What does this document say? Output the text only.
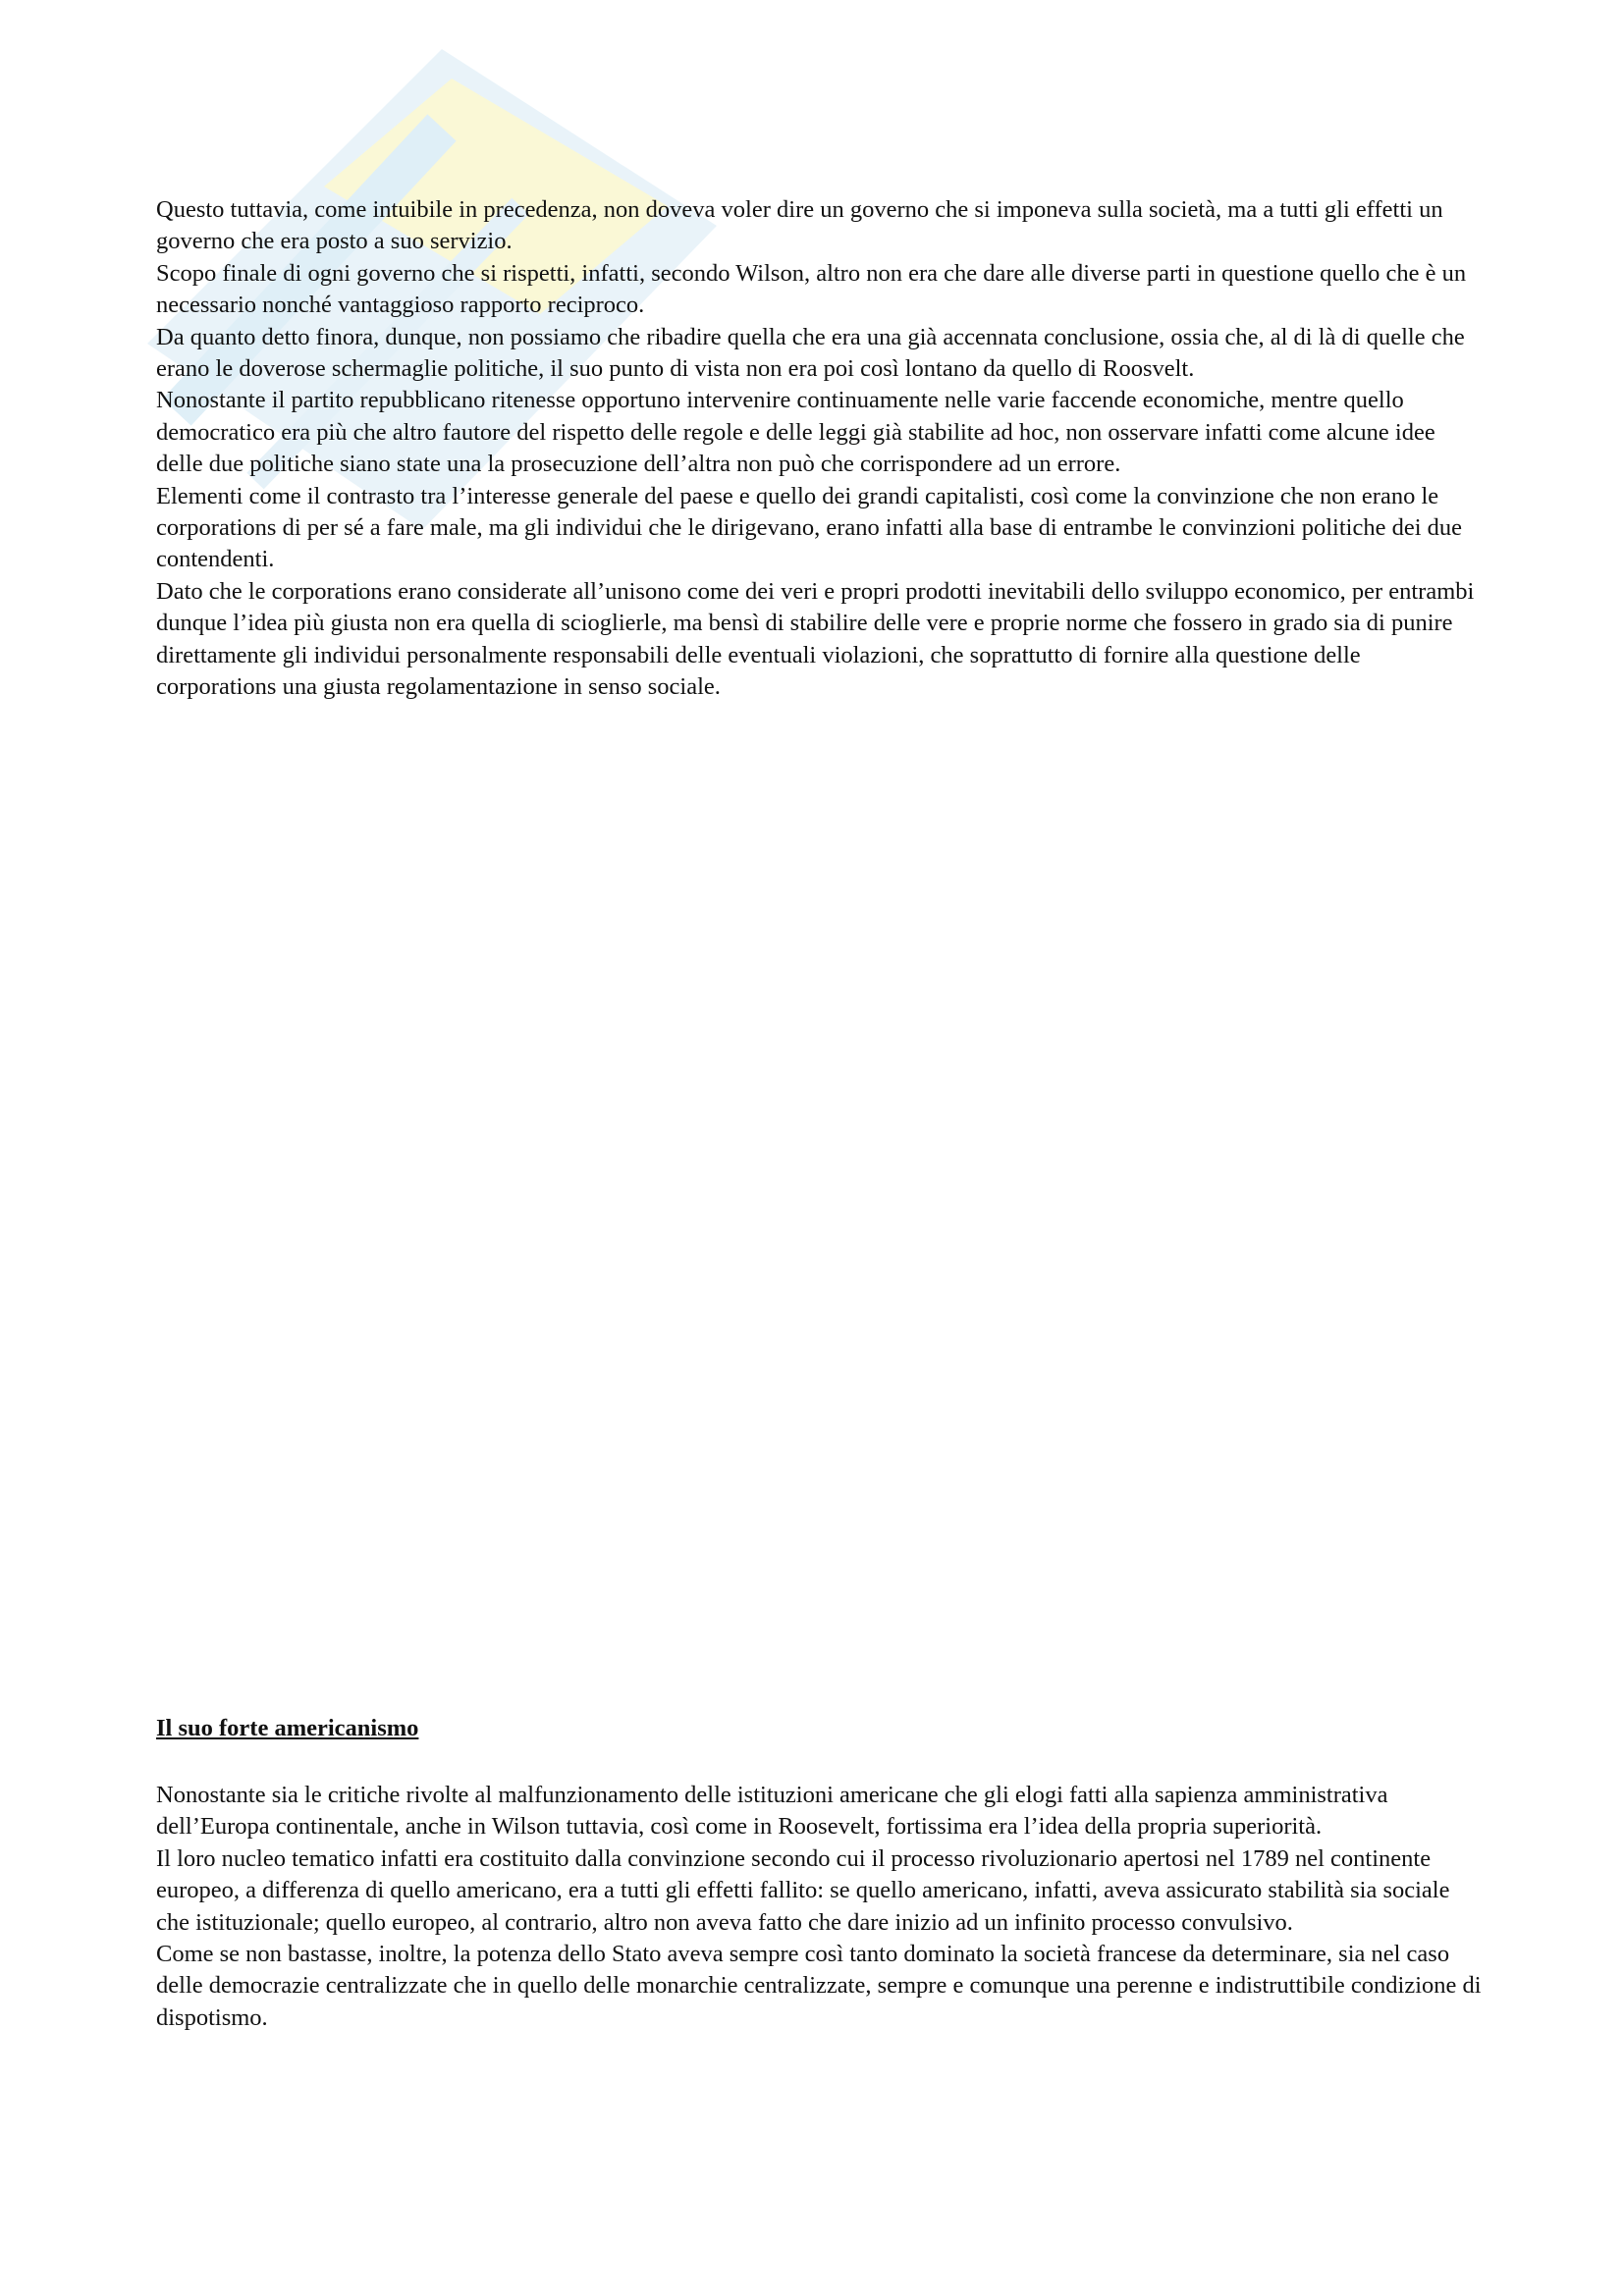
Questo tuttavia, come intuibile in precedenza, non doveva voler dire un governo che si imponeva sulla società, ma a tutti gli effetti un governo che era posto a suo servizio.

Scopo finale di ogni governo che si rispetti, infatti, secondo Wilson, altro non era che dare alle diverse parti in questione quello che è un necessario nonché vantaggioso rapporto reciproco.

Da quanto detto finora, dunque, non possiamo che ribadire quella che era una già accennata conclusione, ossia che, al di là di quelle che erano le doverose schermaglie politiche, il suo punto di vista non era poi così lontano da quello di Roosvelt.

Nonostante il partito repubblicano ritenesse opportuno intervenire continuamente nelle varie faccende economiche, mentre quello democratico era più che altro fautore del rispetto delle regole e delle leggi già stabilite ad hoc, non osservare infatti come alcune idee delle due politiche siano state una la prosecuzione dell’altra non può che corrispondere ad un errore.

Elementi come il contrasto tra l’interesse generale del paese e quello dei grandi capitalisti, così come la convinzione che non erano le corporations di per sé a fare male, ma gli individui che le dirigevano, erano infatti alla base di entrambe le convinzioni politiche dei due contendenti.

Dato che le corporations erano considerate all’unisono come dei veri e propri prodotti inevitabili dello sviluppo economico, per entrambi dunque l’idea più giusta non era quella di scioglierle, ma bensì di stabilire delle vere e proprie norme che fossero in grado sia di punire direttamente gli individui personalmente responsabili delle eventuali violazioni, che soprattutto di fornire alla questione delle corporations una giusta regolamentazione in senso sociale.

Il suo forte americanismo

Nonostante sia le critiche rivolte al malfunzionamento delle istituzioni americane che gli elogi fatti alla sapienza amministrativa dell’Europa continentale, anche in Wilson tuttavia, così come in Roosevelt, fortissima era l’idea della propria superiorità.

Il loro nucleo tematico infatti era costituito dalla convinzione secondo cui il processo rivoluzionario apertosi nel 1789 nel continente europeo, a differenza di quello americano, era a tutti gli effetti fallito: se quello americano, infatti, aveva assicurato stabilità sia sociale che istituzionale; quello europeo, al contrario, altro non aveva fatto che dare inizio ad un infinito processo convulsivo.

Come se non bastasse, inoltre, la potenza dello Stato aveva sempre così tanto dominato la società francese da determinare, sia nel caso delle democrazie centralizzate che in quello delle monarchie centralizzate, sempre e comunque una perenne e indistruttibile condizione di dispotismo.
